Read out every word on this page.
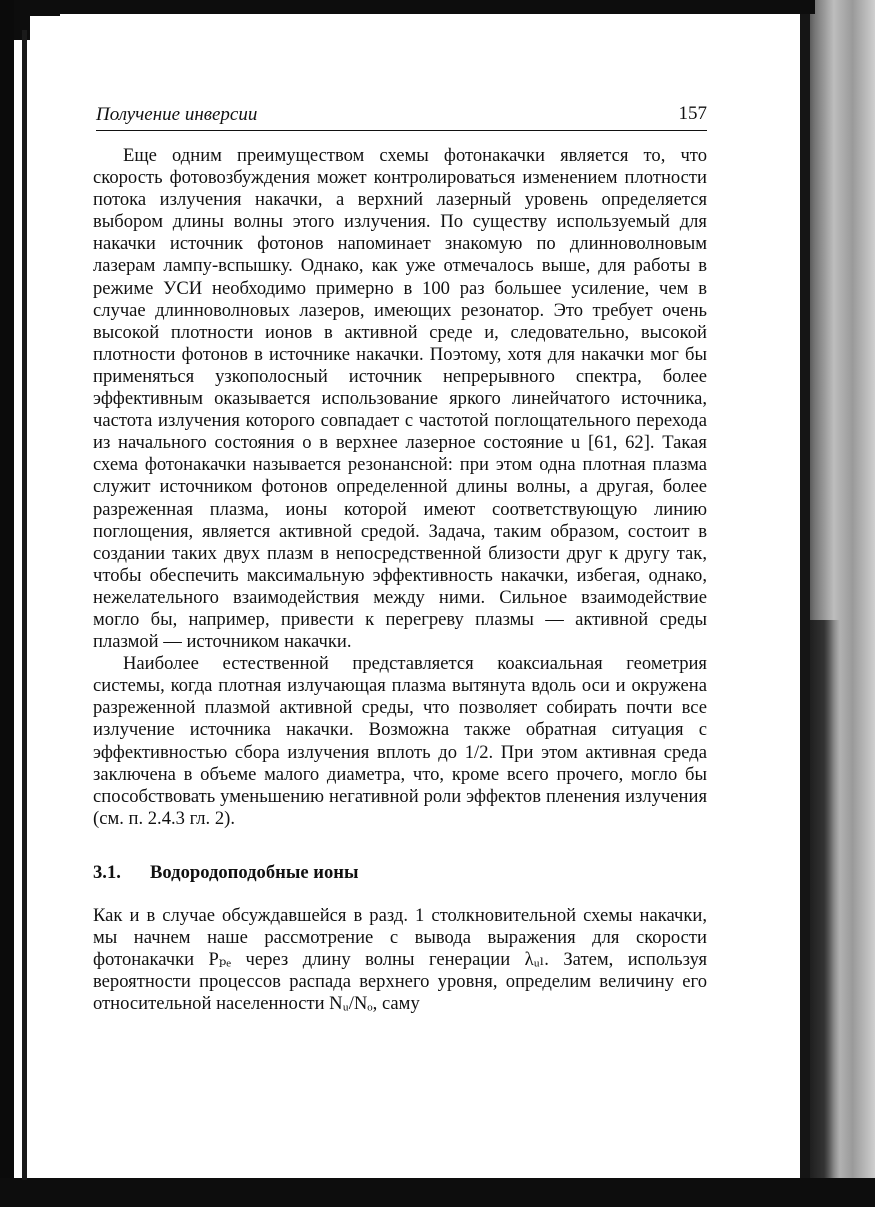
Получение инверсии	157

Еще одним преимуществом схемы фотонакачки является то, что скорость фотовозбуждения может контролироваться изменением плотности потока излучения накачки, а верхний лазерный уровень определяется выбором длины волны этого излучения. По существу используемый для накачки источник фотонов напоминает знакомую по длинноволновым лазерам лампу-вспышку. Однако, как уже отмечалось выше, для работы в режиме УСИ необходимо примерно в 100 раз большее усиление, чем в случае длинноволновых лазеров, имеющих резонатор. Это требует очень высокой плотности ионов в активной среде и, следовательно, высокой плотности фотонов в источнике накачки. Поэтому, хотя для накачки мог бы применяться узкополосный источник непрерывного спектра, более эффективным оказывается использование яркого линейчатого источника, частота излучения которого совпадает с частотой поглощательного перехода из начального состояния o в верхнее лазерное состояние u [61, 62]. Такая схема фотонакачки называется резонансной: при этом одна плотная плазма служит источником фотонов определенной длины волны, а другая, более разреженная плазма, ионы которой имеют соответствующую линию поглощения, является активной средой. Задача, таким образом, состоит в создании таких двух плазм в непосредственной близости друг к другу так, чтобы обеспечить максимальную эффективность накачки, избегая, однако, нежелательного взаимодействия между ними. Сильное взаимодействие могло бы, например, привести к перегреву плазмы — активной среды плазмой — источником накачки.

Наиболее естественной представляется коаксиальная геометрия системы, когда плотная излучающая плазма вытянута вдоль оси и окружена разреженной плазмой активной среды, что позволяет собирать почти все излучение источника накачки. Возможна также обратная ситуация с эффективностью сбора излучения вплоть до 1/2. При этом активная среда заключена в объеме малого диаметра, что, кроме всего прочего, могло бы способствовать уменьшению негативной роли эффектов пленения излучения (см. п. 2.4.3 гл. 2).

3.1. Водородоподобные ионы

Как и в случае обсуждавшейся в разд. 1 столкновительной схемы накачки, мы начнем наше рассмотрение с вывода выражения для скорости фотонакачки Pₚₑ через длину волны генерации λᵤₗ. Затем, используя вероятности процессов распада верхнего уровня, определим величину его относительной населенности Nᵤ/Nₒ, саму
